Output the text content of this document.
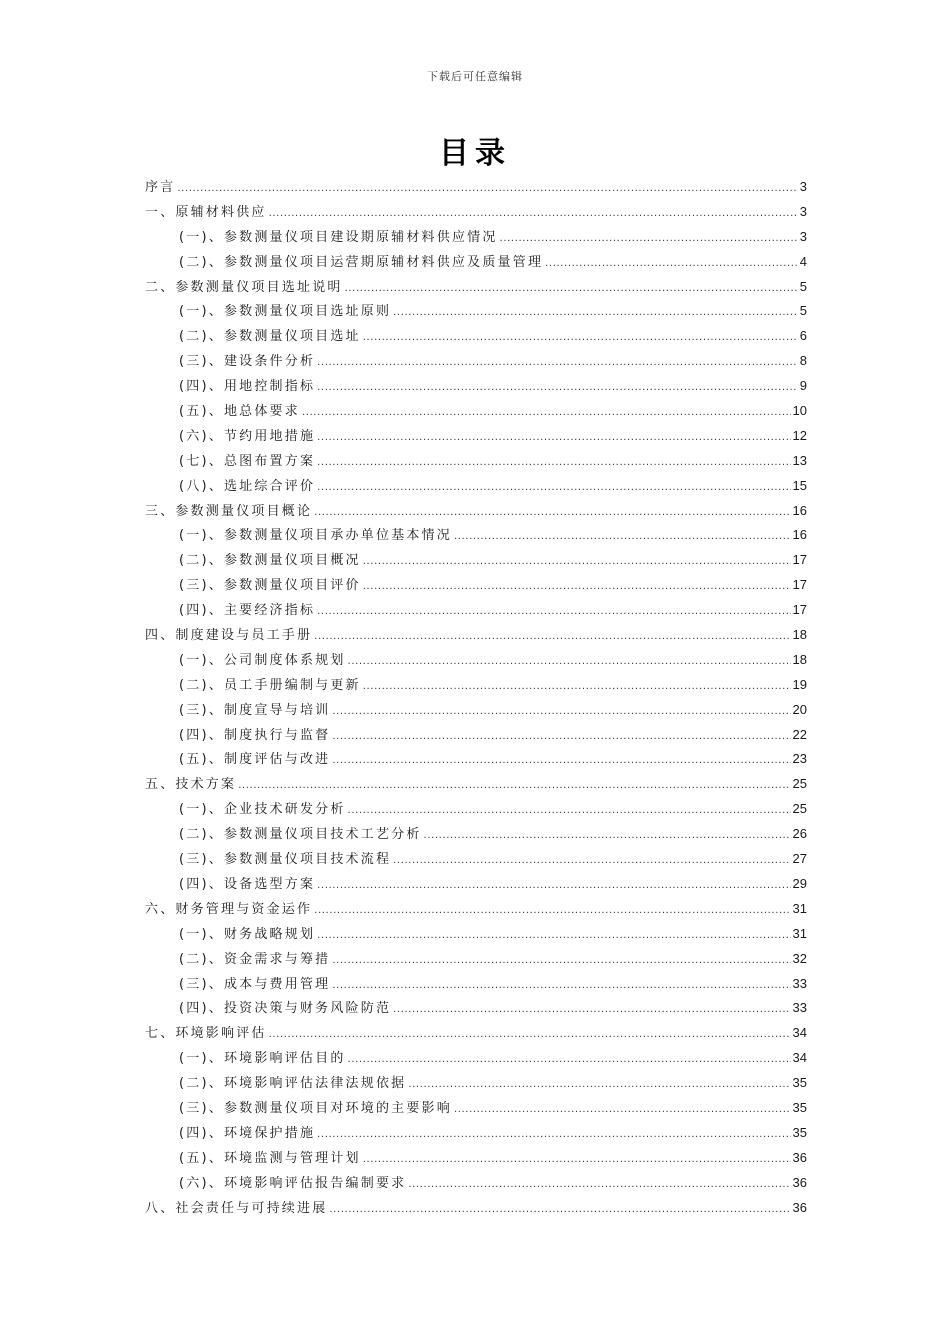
下载后可任意编辑
目录
序言 .....	3
一、原辅材料供应 .....	3
(一)、参数测量仪项目建设期原辅材料供应情况 .....	3
(二)、参数测量仪项目运营期原辅材料供应及质量管理 .....	4
二、参数测量仪项目选址说明 .....	5
(一)、参数测量仪项目选址原则 .....	5
(二)、参数测量仪项目选址 .....	6
(三)、建设条件分析 .....	8
(四)、用地控制指标 .....	9
(五)、地总体要求 .....	10
(六)、节约用地措施 .....	12
(七)、总图布置方案 .....	13
(八)、选址综合评价 .....	15
三、参数测量仪项目概论 .....	16
(一)、参数测量仪项目承办单位基本情况 .....	16
(二)、参数测量仪项目概况 .....	17
(三)、参数测量仪项目评价 .....	17
(四)、主要经济指标 .....	17
四、制度建设与员工手册 .....	18
(一)、公司制度体系规划 .....	18
(二)、员工手册编制与更新 .....	19
(三)、制度宣导与培训 .....	20
(四)、制度执行与监督 .....	22
(五)、制度评估与改进 .....	23
五、技术方案 .....	25
(一)、企业技术研发分析 .....	25
(二)、参数测量仪项目技术工艺分析 .....	26
(三)、参数测量仪项目技术流程 .....	27
(四)、设备选型方案 .....	29
六、财务管理与资金运作 .....	31
(一)、财务战略规划 .....	31
(二)、资金需求与筹措 .....	32
(三)、成本与费用管理 .....	33
(四)、投资决策与财务风险防范 .....	33
七、环境影响评估 .....	34
(一)、环境影响评估目的 .....	34
(二)、环境影响评估法律法规依据 .....	35
(三)、参数测量仪项目对环境的主要影响 .....	35
(四)、环境保护措施 .....	35
(五)、环境监测与管理计划 .....	36
(六)、环境影响评估报告编制要求 .....	36
八、社会责任与可持续进展 .....	36
